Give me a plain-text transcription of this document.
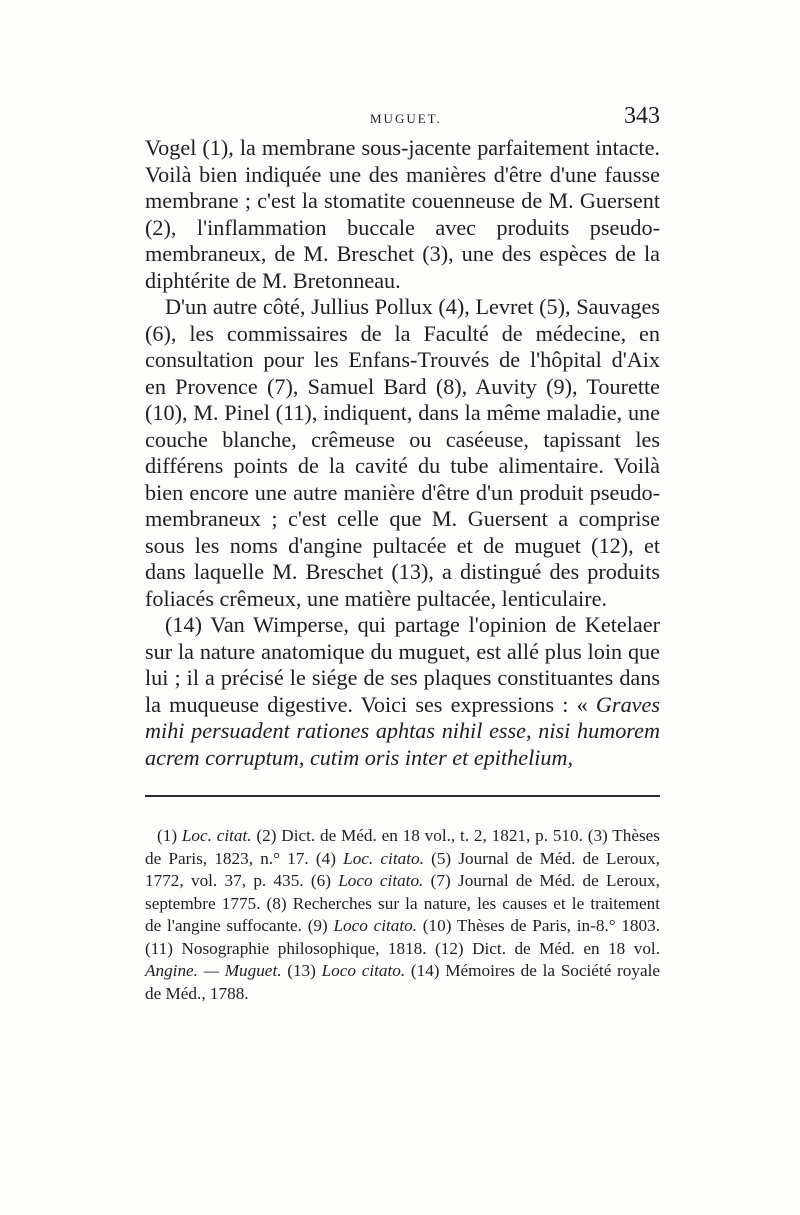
MUGUET.	343

Vogel (1), la membrane sous-jacente parfaitement intacte. Voilà bien indiquée une des manières d'être d'une fausse membrane ; c'est la stomatite couenneuse de M. Guersent (2), l'inflammation buccale avec produits pseudo-membraneux, de M. Breschet (3), une des espèces de la diphtérite de M. Bretonneau.

D'un autre côté, Jullius Pollux (4), Levret (5), Sauvages (6), les commissaires de la Faculté de médecine, en consultation pour les Enfans-Trouvés de l'hôpital d'Aix en Provence (7), Samuel Bard (8), Auvity (9), Tourette (10), M. Pinel (11), indiquent, dans la même maladie, une couche blanche, crêmeuse ou caséeuse, tapissant les différens points de la cavité du tube alimentaire. Voilà bien encore une autre manière d'être d'un produit pseudo-membraneux ; c'est celle que M. Guersent a comprise sous les noms d'angine pultacée et de muguet (12), et dans laquelle M. Breschet (13), a distingué des produits foliacés crêmeux, une matière pultacée, lenticulaire.

(14) Van Wimperse, qui partage l'opinion de Ketelaer sur la nature anatomique du muguet, est allé plus loin que lui ; il a précisé le siége de ses plaques constituantes dans la muqueuse digestive. Voici ses expressions : « Graves mihi persuadent rationes aphtas nihil esse, nisi humorem acrem corruptum, cutim oris inter et epithelium,

(1) Loc. citat. (2) Dict. de Méd. en 18 vol., t. 2, 1821, p. 510. (3) Thèses de Paris, 1823, n.° 17. (4) Loc. citato. (5) Journal de Méd. de Leroux, 1772, vol. 37, p. 435. (6) Loco citato. (7) Journal de Méd. de Leroux, septembre 1775. (8) Recherches sur la nature, les causes et le traitement de l'angine suffocante. (9) Loco citato. (10) Thèses de Paris, in-8.° 1803. (11) Nosographie philosophique, 1818. (12) Dict. de Méd. en 18 vol. Angine. — Muguet. (13) Loco citato. (14) Mémoires de la Société royale de Méd., 1788.
